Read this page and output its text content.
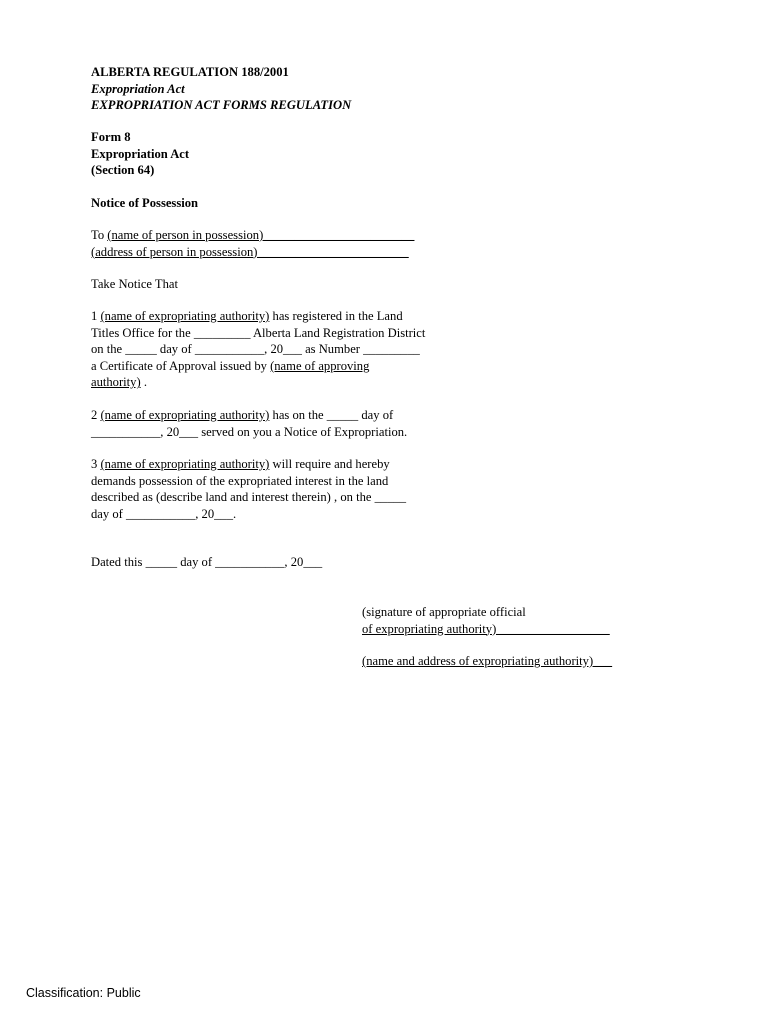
ALBERTA REGULATION 188/2001
Expropriation Act
EXPROPRIATION ACT FORMS REGULATION
Form 8
Expropriation Act
(Section 64)
Notice of Possession
To (name of person in possession)________________________
(address of person in possession)________________________
Take Notice That
1 (name of expropriating authority) has registered in the Land
Titles Office for the _________ Alberta Land Registration District
on the _____ day of ___________, 20___ as Number _________
a Certificate of Approval issued by (name of approving
authority) .
2 (name of expropriating authority) has on the _____ day of
___________, 20___ served on you a Notice of Expropriation.
3 (name of expropriating authority) will require and hereby
demands possession of the expropriated interest in the land
described as (describe land and interest therein) , on the _____
day of ___________, 20___.
Dated this _____ day of ___________, 20___
(signature of appropriate official
of expropriating authority)__________________
(name and address of expropriating authority)___
Classification: Public
